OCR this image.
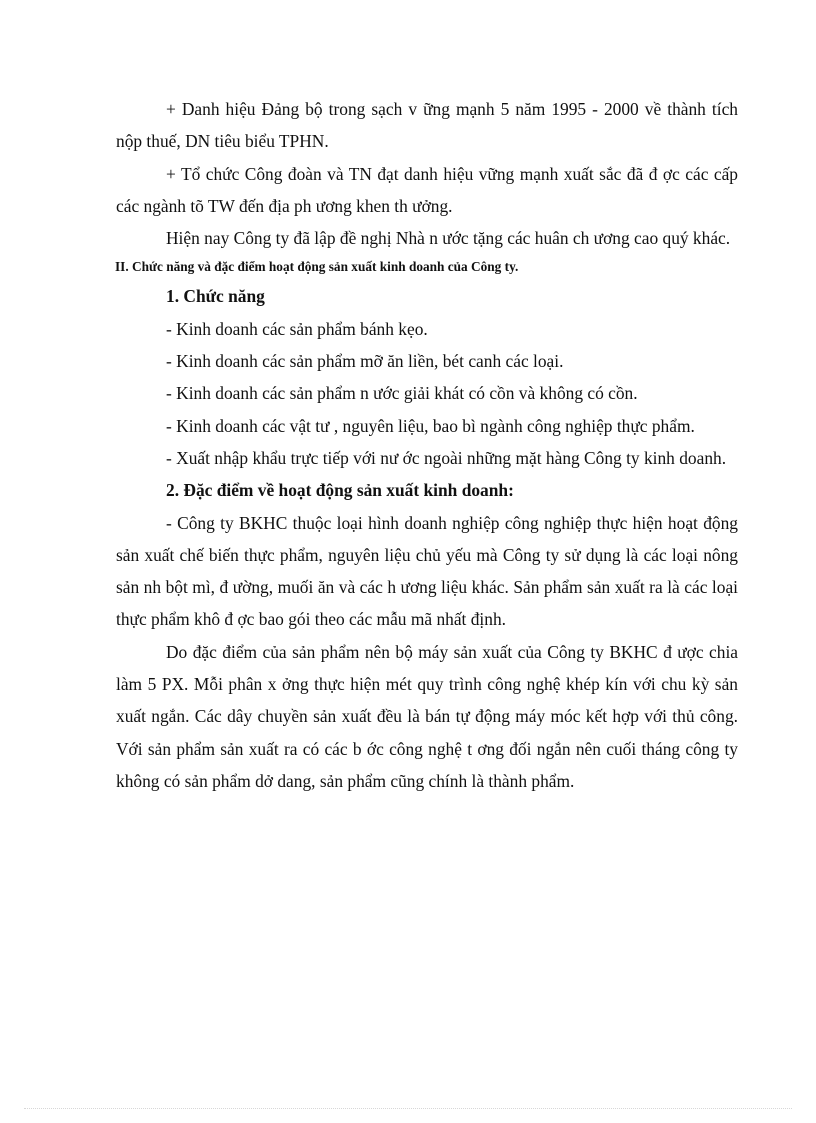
+ Danh hiệu Đảng bộ trong sạch v ững mạnh 5 năm 1995 - 2000 về thành tích nộp thuế, DN tiêu biểu TPHN.

+ Tổ chức Công đoàn và TN đạt danh hiệu vững mạnh xuất sắc đã đ ợc các cấp các ngành tõ TW đến địa ph ương khen th ưởng.

Hiện nay Công ty đã lập đề nghị Nhà n ước tặng các huân ch ương cao quý khác.

II. Chức năng và đặc điểm hoạt động sản xuất kinh doanh của Công ty.

1. Chức năng

- Kinh doanh các sản phẩm bánh kẹo.

- Kinh doanh các sản phẩm mỡ ăn liền, bét canh các loại.

- Kinh doanh các sản phẩm n ước giải khát có cồn và không có cồn.

- Kinh doanh các vật tư , nguyên liệu, bao bì ngành công nghiệp thực phẩm.

- Xuất nhập khẩu trực tiếp với nư ớc ngoài những mặt hàng Công ty kinh doanh.

2. Đặc điểm về hoạt động sản xuất kinh doanh:

- Công ty BKHC thuộc loại hình doanh nghiệp công nghiệp thực hiện hoạt động sản xuất chế biến thực phẩm, nguyên liệu chủ yếu mà Công ty sử dụng là các loại nông sản nh bột mì, đ ường, muối ăn và các h ương liệu khác. Sản phẩm sản xuất ra là các loại thực phẩm khô đ ợc bao gói theo các mẫu mã nhất định.

Do đặc điểm của sản phẩm nên bộ máy sản xuất của Công ty BKHC đ ược chia làm 5 PX. Mỗi phân x ởng thực hiện mét quy trình công nghệ khép kín với chu kỳ sản xuất ngắn. Các dây chuyền sản xuất đều là bán tự động máy móc kết hợp với thủ công. Với sản phẩm sản xuất ra có các b ớc công nghệ t ơng đối ngắn nên cuối tháng công ty không có sản phẩm dở dang, sản phẩm cũng chính là thành phẩm.
